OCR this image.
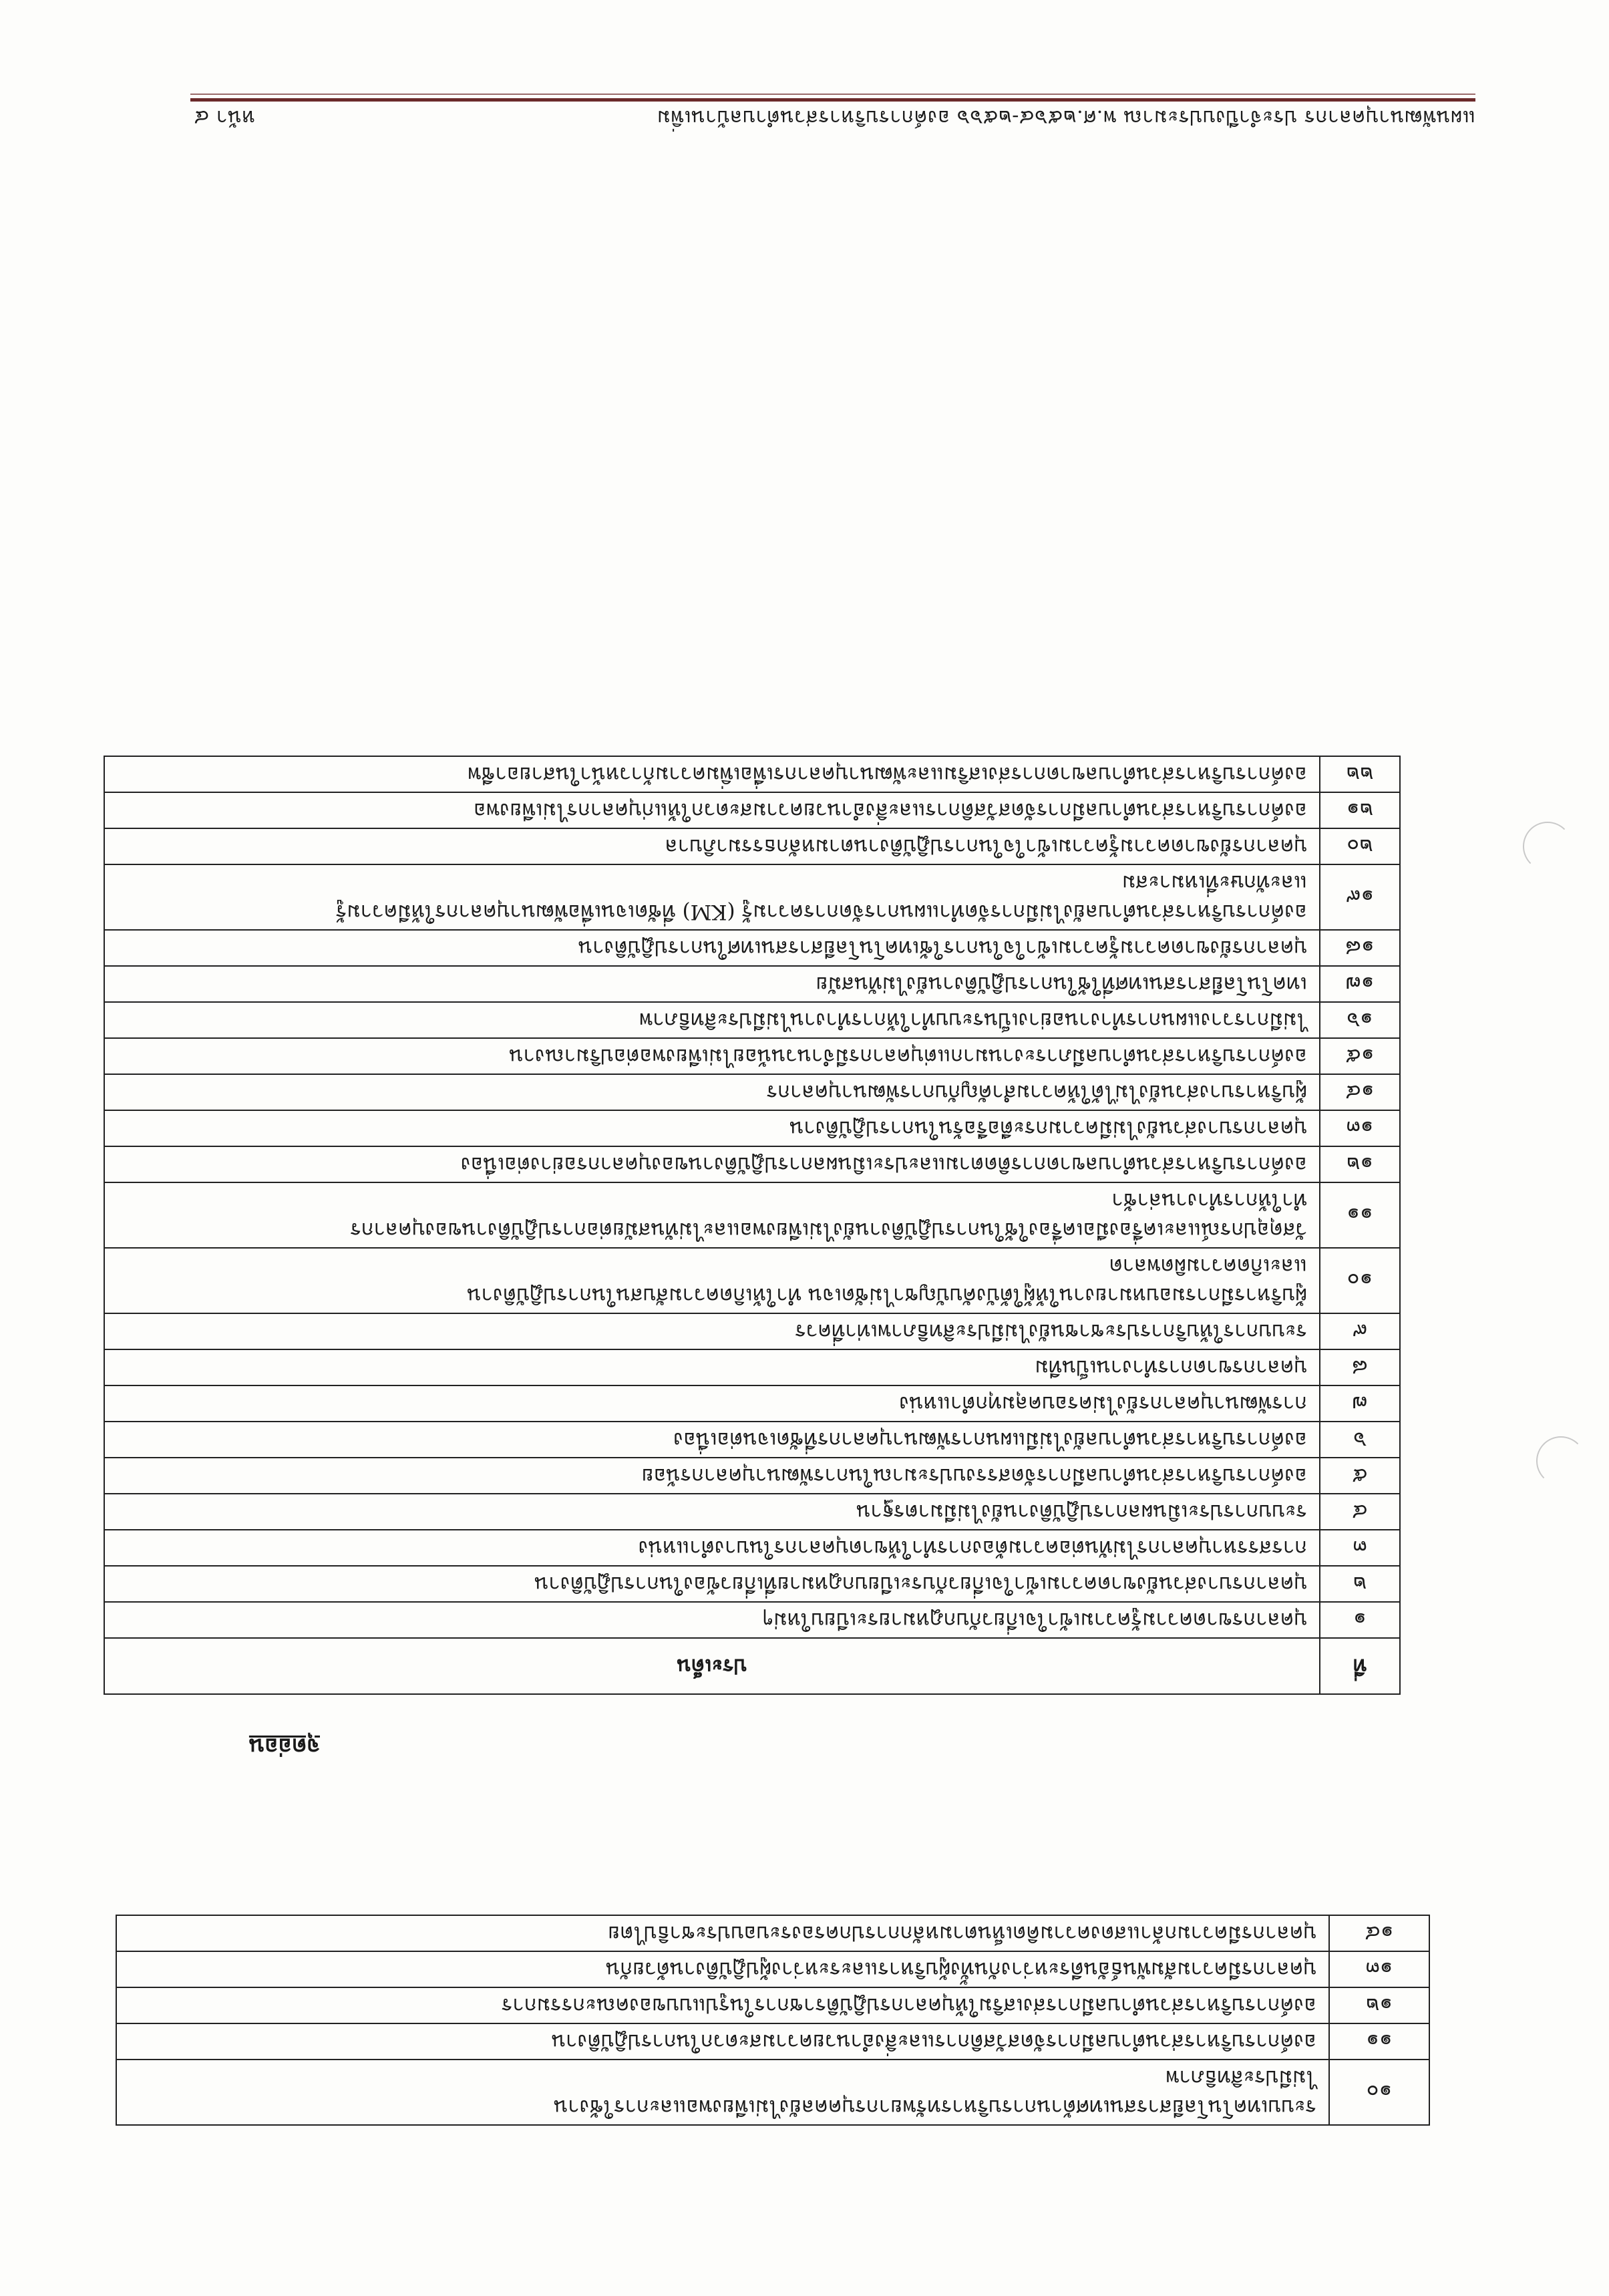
แผนพัฒนาบุคลากร ประจำปีงบประมาณ พ.ศ.๒๕๖๔-๒๕๖๖ องค์การบริหารส่วนตำบลบ้านเพิ่ม
หน้า ๔
๑๐	ระบบเทคโนโลยีสารสนเทศด้านการบริหารทรัพยากรบุคคลยังไม่เพียงพอและการใช้งาน
ไม่มีประสิทธิภาพ

๑๑	องค์การบริหารส่วนตำบลมีการจัดสวัสดิการและสิ่งอำนวยความสะดวกในการปฏิบัติงาน

๑๒	องค์การบริหารส่วนตำบลมีการส่งเสริมให้บุคลากรปฏิบัติราชการในรูปแบบของคณะกรรมการ

๑๓	บุคลากรมีความสัมพันธ์อันดีระหว่างกันทั้งผู้บริหารและระหว่างผู้ปฏิบัติงานด้วยกัน

๑๔	บุคลากรมีความกล้าแสดงความคิดเห็นตามหลักการปกครองระบอบประชาธิปไตย
จุดอ่อน
ที่	ประเด็น
๑	บุคลากรขาดความรู้ความเข้าใจเกี่ยวกับกฎหมายระเบียบใหม่ๆ

๒	บุคลากรบางส่วนยังขาดความเข้าใจเกี่ยวกับระเบียบกฎหมายที่เกี่ยวข้องในการปฏิบัติงาน

๓	การสรรหาบุคลากรไม่ทันต่อความต้องการทำให้ขาดบุคลากรในบางตำแหน่ง

๔	ระบบการประเมินผลการปฏิบัติงานยังไม่มีมาตรฐาน

๕	องค์การบริหารส่วนตำบลมีการจัดสรรงบประมาณในการพัฒนาบุคลากรน้อย

๖	องค์การบริหารส่วนตำบลยังไม่มีแผนการพัฒนาบุคลากรที่ชัดเจนต่อเนื่อง

๗	การพัฒนาบุคลากรยังไม่ครอบคลุมทุกตำแหน่ง

๘	บุคลากรขาดการทำงานเป็นทีม

๙	ระบบการให้บริการประชาชนยังไม่มีประสิทธิภาพเท่าที่ควร

๑๐	ผู้บริหารมีการมอบหมายงานให้ผู้ใต้บังคับบัญชาไม่ชัดเจน ทำให้เกิดความสับสนในการปฏิบัติงาน
และเกิดความผิดพลาด

๑๑	วัสดุอุปกรณ์และเครื่องมือเครื่องใช้ในการปฏิบัติงานยังไม่เพียงพอและไม่ทันสมัยต่อการปฏิบัติงานของบุคลากร
ทำให้การทำงานล่าช้า

๑๒	องค์การบริหารส่วนตำบลขาดการติดตามและประเมินผลการปฏิบัติงานของบุคลากรอย่างต่อเนื่อง

๑๓	บุคลากรบางส่วนยังไม่มีความกระตือรือร้นในการปฏิบัติงาน

๑๔	ผู้บริหารบางส่วนยังไม่ได้ให้ความสำคัญกับการพัฒนาบุคลากร

๑๕	องค์การบริหารส่วนตำบลมีภาระงานมากแต่บุคลากรมีจำนวนน้อยไม่เพียงพอต่อปริมาณงาน

๑๖	ไม่มีการวางแผนการทำงานอย่างเป็นระบบทำให้การทำงานไม่มีประสิทธิภาพ

๑๗	เทคโนโลยีสารสนเทศที่ใช้ในการปฏิบัติงานยังไม่ทันสมัย

๑๘	บุคลากรยังขาดความรู้ความเข้าใจในการใช้เทคโนโลยีสารสนเทศในการปฏิบัติงาน

๑๙	องค์การบริหารส่วนตำบลยังไม่มีการจัดทำแผนการจัดการความรู้ (KM) ที่ชัดเจนเพื่อพัฒนาบุคลากรให้มีความรู้
และทักษะที่เหมาะสม

๒๐	บุคลากรยังขาดความรู้ความเข้าใจในการปฏิบัติงานตามหลักธรรมาภิบาล

๒๑	องค์การบริหารส่วนตำบลมีการจัดสวัสดิการและสิ่งอำนวยความสะดวกให้แก่บุคลากรไม่เพียงพอ

๒๒	องค์การบริหารส่วนตำบลขาดการส่งเสริมและพัฒนาบุคลากรเพื่อเพิ่มความก้าวหน้าในสายอาชีพ
